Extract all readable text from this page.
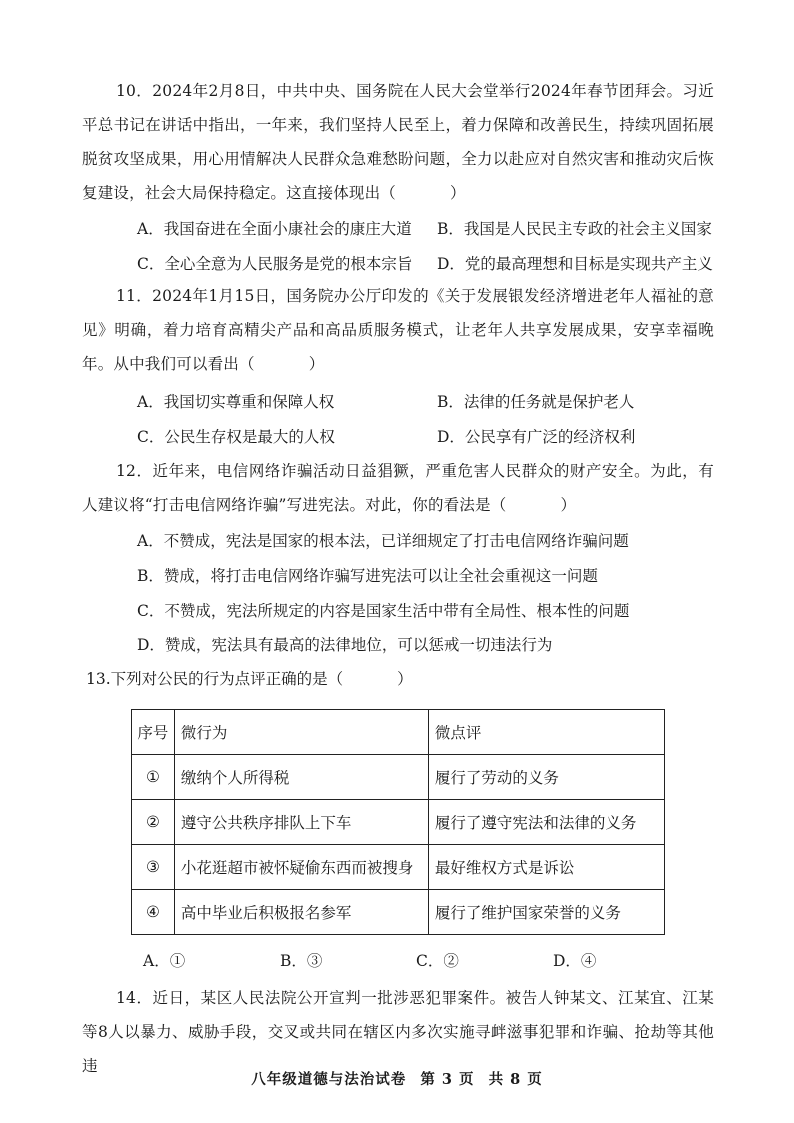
10．2024年2月8日，中共中央、国务院在人民大会堂举行2024年春节团拜会。习近平总书记在讲话中指出，一年来，我们坚持人民至上，着力保障和改善民生，持续巩固拓展脱贫攻坚成果，用心用情解决人民群众急难愁盼问题，全力以赴应对自然灾害和推动灾后恢复建设，社会大局保持稳定。这直接体现出（	）

A．我国奋进在全面小康社会的康庄大道 B．我国是人民民主专政的社会主义国家
C．全心全意为人民服务是党的根本宗旨 D．党的最高理想和目标是实现共产主义

11．2024年1月15日，国务院办公厅印发的《关于发展银发经济增进老年人福祉的意见》明确，着力培育高精尖产品和高品质服务模式，让老年人共享发展成果，安享幸福晚年。从中我们可以看出（	）

A．我国切实尊重和保障人权	B．法律的任务就是保护老人
C．公民生存权是最大的人权	D．公民享有广泛的经济权利

12．近年来，电信网络诈骗活动日益猖獗，严重危害人民群众的财产安全。为此，有人建议将“打击电信网络诈骗”写进宪法。对此，你的看法是（	）

A．不赞成，宪法是国家的根本法，已详细规定了打击电信网络诈骗问题
B．赞成，将打击电信网络诈骗写进宪法可以让全社会重视这一问题
C．不赞成，宪法所规定的内容是国家生活中带有全局性、根本性的问题
D．赞成，宪法具有最高的法律地位，可以惩戒一切违法行为
13.下列对公民的行为点评正确的是（	）
序号	微行为	微点评
①	缴纳个人所得税	履行了劳动的义务
②	遵守公共秩序排队上下车	履行了遵守宪法和法律的义务
③	小花逛超市被怀疑偷东西而被搜身	最好维权方式是诉讼
④	高中毕业后积极报名参军	履行了维护国家荣誉的义务
A．①	B．③	C．②	D．④

14．近日，某区人民法院公开宣判一批涉恶犯罪案件。被告人钟某文、江某宜、江某等8人以暴力、威胁手段，交叉或共同在辖区内多次实施寻衅滋事犯罪和诈骗、抢劫等其他违

八年级道德与法治试卷 第 3 页 共 8 页
